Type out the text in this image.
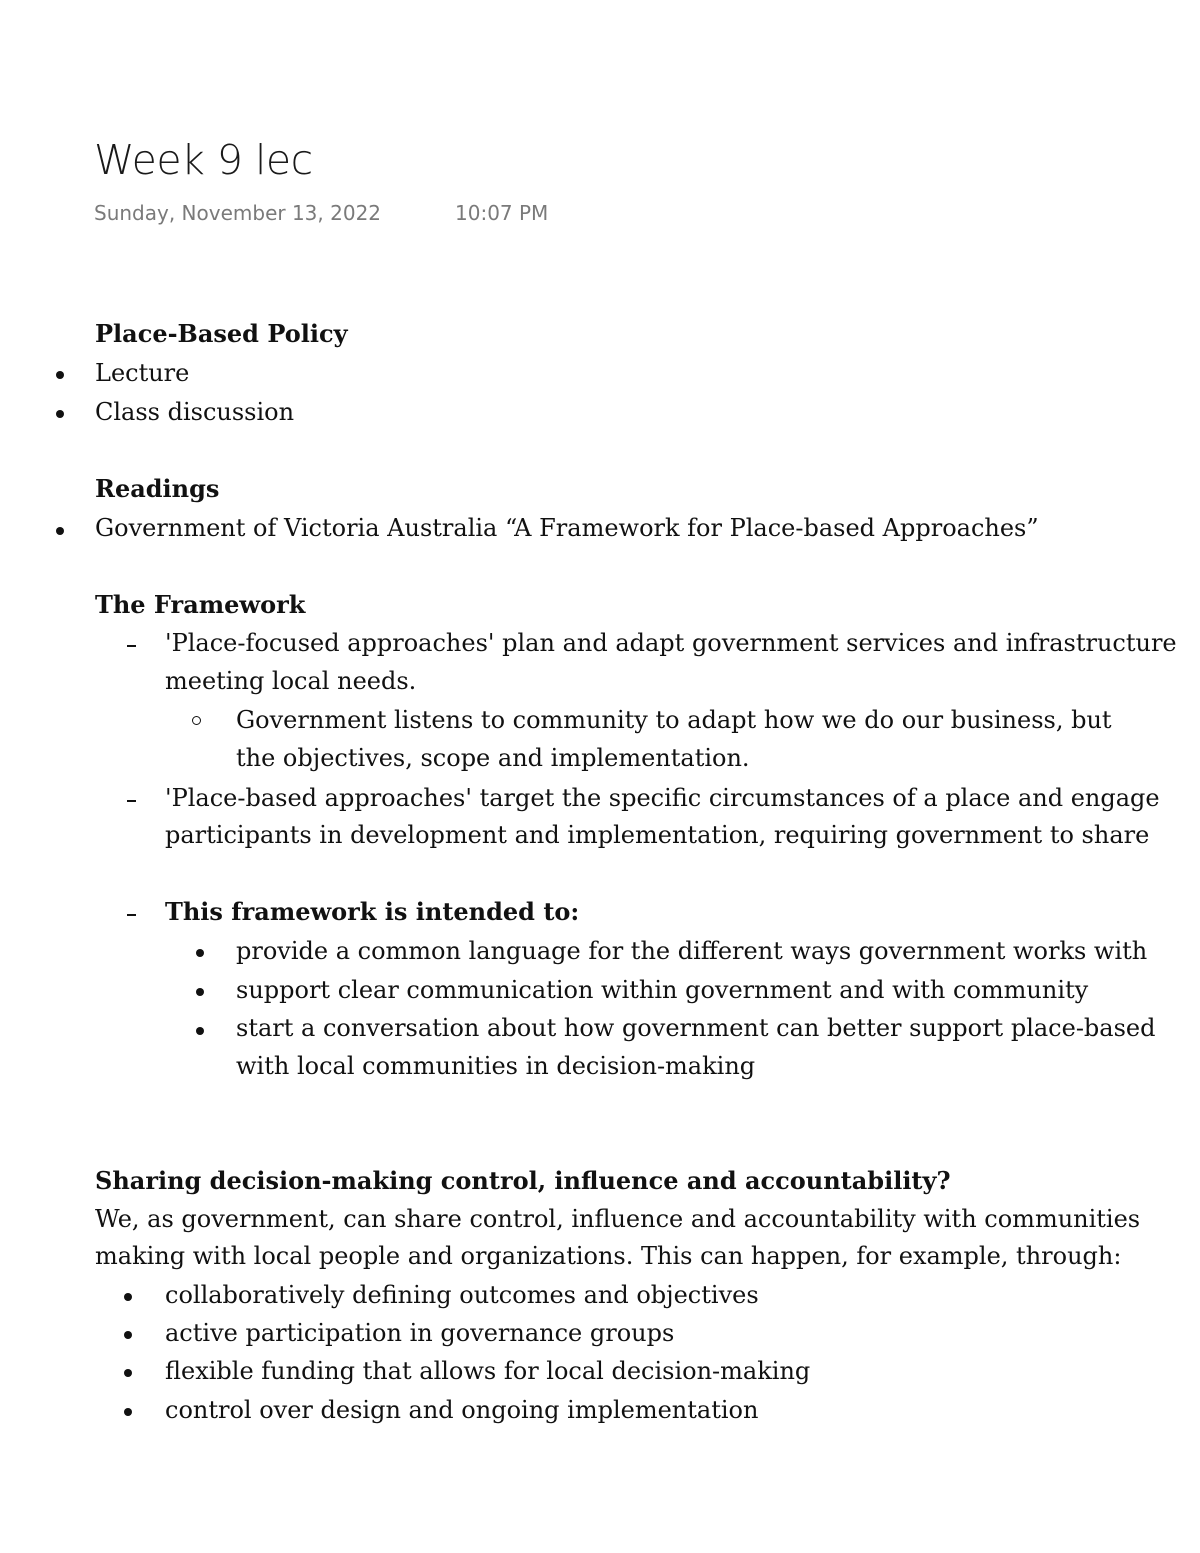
Week 9 lec
Sunday, November 13, 2022	10:07 PM
Place-Based Policy
Lecture
Class discussion
Readings
Government of Victoria Australia “A Framework for Place-based Approaches”
The Framework
'Place-focused approaches' plan and adapt government services and infrastructure
meeting local needs.
Government listens to community to adapt how we do our business, but
the objectives, scope and implementation.
'Place-based approaches' target the specific circumstances of a place and engage
participants in development and implementation, requiring government to share
This framework is intended to:
provide a common language for the different ways government works with
support clear communication within government and with community
start a conversation about how government can better support place-based
with local communities in decision-making
Sharing decision-making control, influence and accountability?
We, as government, can share control, influence and accountability with communities
making with local people and organizations. This can happen, for example, through:
collaboratively defining outcomes and objectives
active participation in governance groups
flexible funding that allows for local decision-making
control over design and ongoing implementation
